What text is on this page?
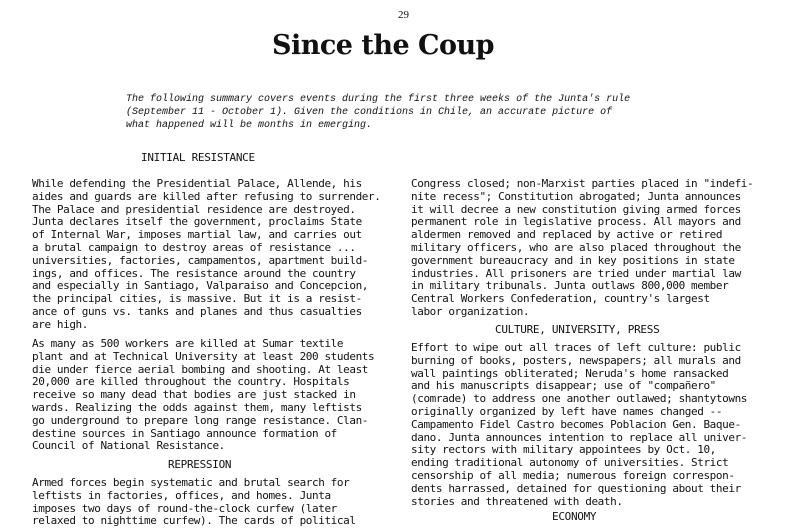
29
Since the Coup
The following summary covers events during the first three weeks of the Junta's rule
(September 11 - October 1). Given the conditions in Chile, an accurate picture of
what happened will be months in emerging.
INITIAL RESISTANCE
While defending the Presidential Palace, Allende, his
aides and guards are killed after refusing to surrender.
The Palace and presidential residence are destroyed.
Junta declares itself the government, proclaims State
of Internal War, imposes martial law, and carries out
a brutal campaign to destroy areas of resistance ...
universities, factories, campamentos, apartment build-
ings, and offices. The resistance around the country
and especially in Santiago, Valparaiso and Concepcion,
the principal cities, is massive. But it is a resist-
ance of guns vs. tanks and planes and thus casualties
are high.
As many as 500 workers are killed at Sumar textile
plant and at Technical University at least 200 students
die under fierce aerial bombing and shooting. At least
20,000 are killed throughout the country. Hospitals
receive so many dead that bodies are just stacked in
wards. Realizing the odds against them, many leftists
go underground to prepare long range resistance. Clan-
destine sources in Santiago announce formation of
Council of National Resistance.
REPRESSION
Armed forces begin systematic and brutal search for
leftists in factories, offices, and homes. Junta
imposes two days of round-the-clock curfew (later
relaxed to nighttime curfew). The cards of political
Congress closed; non-Marxist parties placed in "indefi-
nite recess"; Constitution abrogated; Junta announces
it will decree a new constitution giving armed forces
permanent role in legislative process. All mayors and
aldermen removed and replaced by active or retired
military officers, who are also placed throughout the
government bureaucracy and in key positions in state
industries. All prisoners are tried under martial law
in military tribunals. Junta outlaws 800,000 member
Central Workers Confederation, country's largest
labor organization.
CULTURE, UNIVERSITY, PRESS
Effort to wipe out all traces of left culture: public
burning of books, posters, newspapers; all murals and
wall paintings obliterated; Neruda's home ransacked
and his manuscripts disappear; use of "compañero"
(comrade) to address one another outlawed; shantytowns
originally organized by left have names changed --
Campamento Fidel Castro becomes Poblacion Gen. Baque-
dano. Junta announces intention to replace all univer-
sity rectors with military appointees by Oct. 10,
ending traditional autonomy of universities. Strict
censorship of all media; numerous foreign correspon-
dents harrassed, detained for questioning about their
stories and threatened with death.
ECONOMY
